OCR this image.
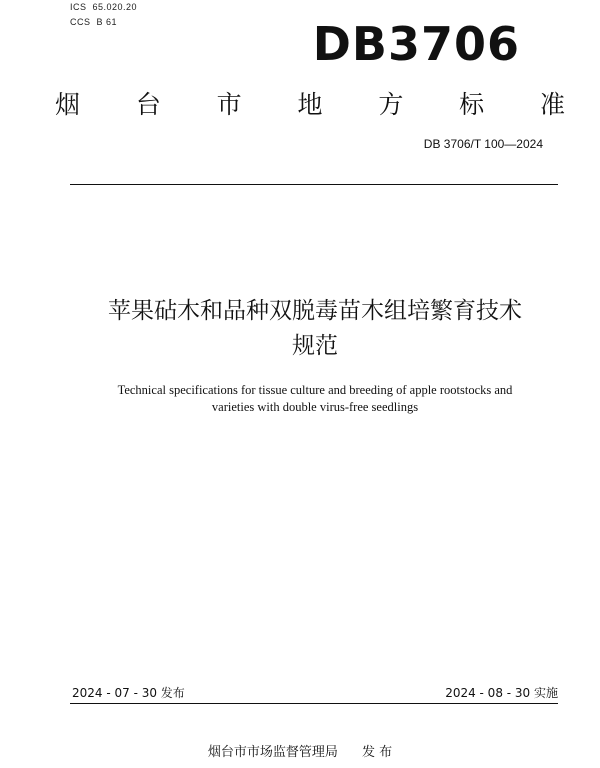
ICS  65.020.20
CCS  B 61	DB3706
烟 台 市 地 方 标 准
DB 3706/T 100—2024
苹果砧木和品种双脱毒苗木组培繁育技术
规范
Technical specifications for tissue culture and breeding of apple rootstocks and
varieties with double virus-free seedlings
2024 - 07 - 30 发布	2024 - 08 - 30 实施
烟台市市场监督管理局 发 布
